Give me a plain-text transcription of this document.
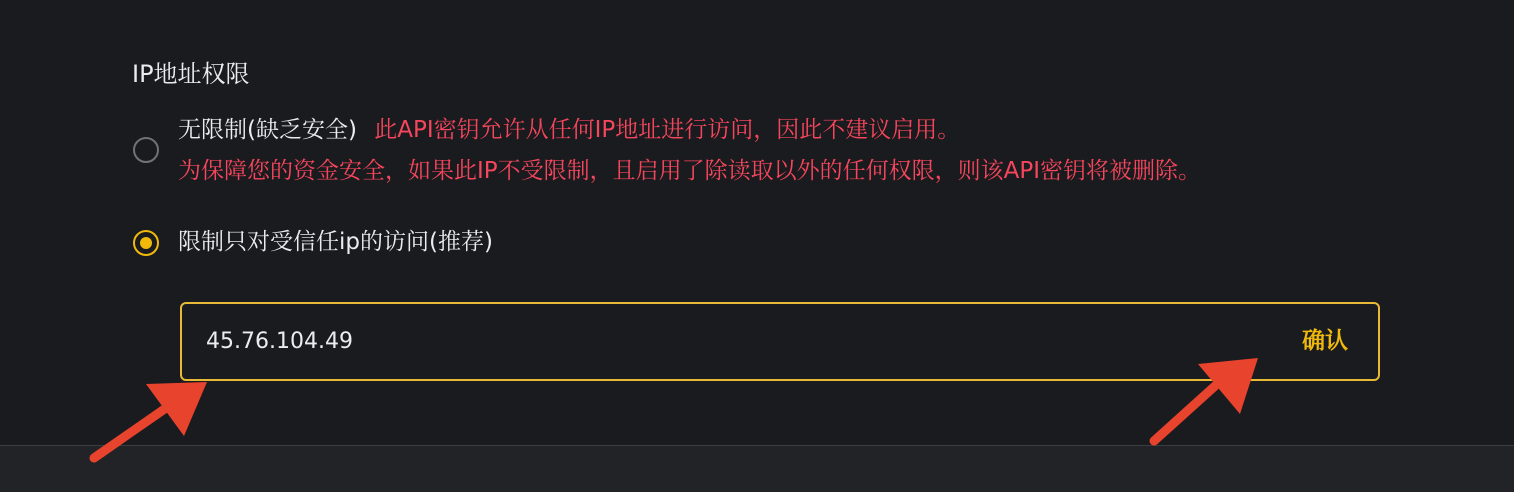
IP地址权限
无限制(缺乏安全) 此API密钥允许从任何IP地址进行访问，因此不建议启用。
为保障您的资金安全，如果此IP不受限制，且启用了除读取以外的任何权限，则该API密钥将被删除。
限制只对受信任ip的访问(推荐)
45.76.104.49
确认
